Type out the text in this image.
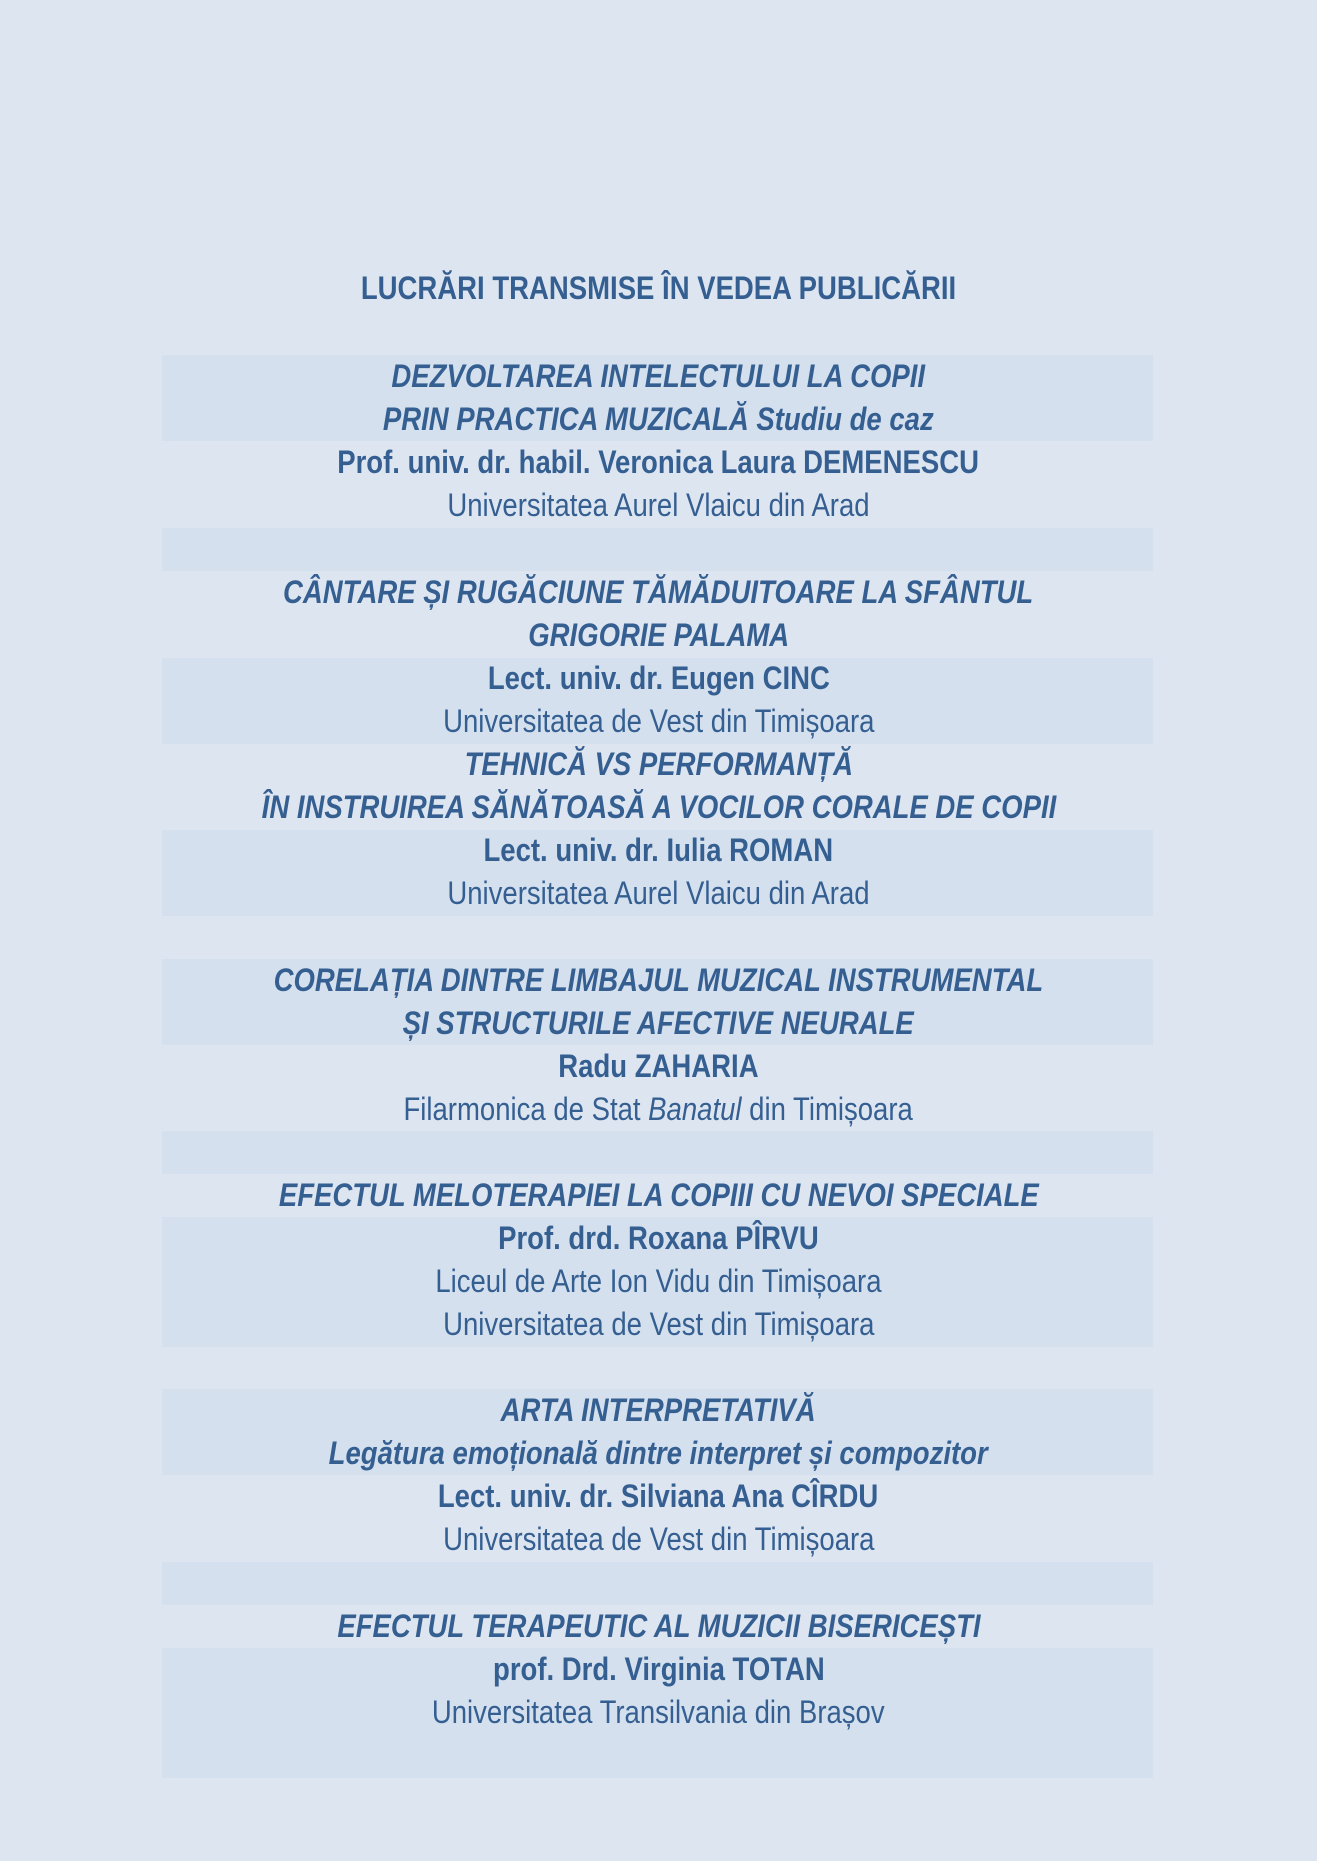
LUCRĂRI TRANSMISE ÎN VEDEA PUBLICĂRII
DEZVOLTAREA INTELECTULUI LA COPII
PRIN PRACTICA MUZICALĂ Studiu de caz
Prof. univ. dr. habil. Veronica Laura DEMENESCU
Universitatea Aurel Vlaicu din Arad
CÂNTARE ȘI RUGĂCIUNE TĂMĂDUITOARE LA SFÂNTUL
GRIGORIE PALAMA
Lect. univ. dr. Eugen CINC
Universitatea de Vest din Timișoara
TEHNICĂ VS PERFORMANȚĂ
ÎN INSTRUIREA SĂNĂTOASĂ A VOCILOR CORALE DE COPII
Lect. univ. dr. Iulia ROMAN
Universitatea Aurel Vlaicu din Arad
CORELAȚIA DINTRE LIMBAJUL MUZICAL INSTRUMENTAL
ȘI STRUCTURILE AFECTIVE NEURALE
Radu ZAHARIA
Filarmonica de Stat Banatul din Timișoara
EFECTUL MELOTERAPIEI LA COPIII CU NEVOI SPECIALE
Prof. drd. Roxana PÎRVU
Liceul de Arte Ion Vidu din Timișoara
Universitatea de Vest din Timișoara
ARTA INTERPRETATIVĂ
Legătura emoțională dintre interpret și compozitor
Lect. univ. dr. Silviana Ana CÎRDU
Universitatea de Vest din Timișoara
EFECTUL TERAPEUTIC AL MUZICII BISERICEȘTI
prof. Drd. Virginia TOTAN
Universitatea Transilvania din Brașov
